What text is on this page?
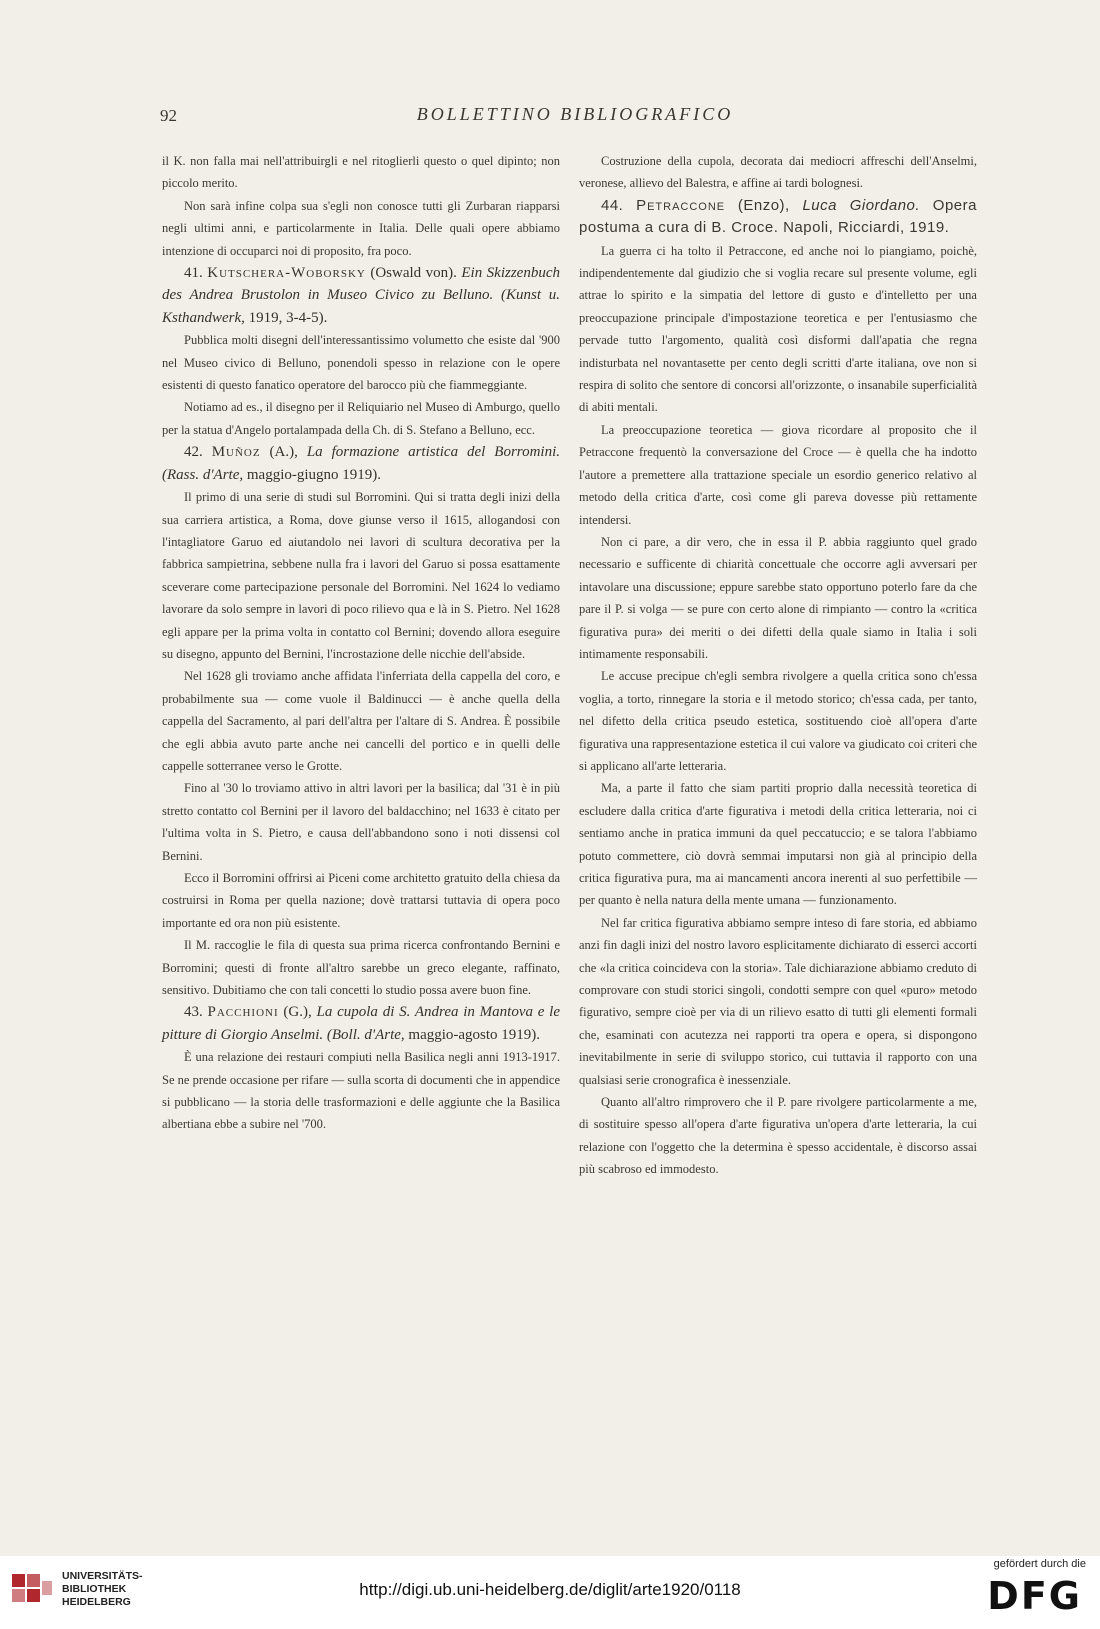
92	BOLLETTINO BIBLIOGRAFICO

il K. non falla mai nell'attribuirgli e nel ritoglierli questo o quel dipinto; non piccolo merito.

Non sarà infine colpa sua s'egli non conosce tutti gli Zurbaran riapparsi negli ultimi anni, e particolarmente in Italia. Delle quali opere abbiamo intenzione di occuparci noi di proposito, fra poco.

41. Kutschera-Woborsky (Oswald von). Ein Skizzenbuch des Andrea Brustolon in Museo Civico zu Belluno. (Kunst u. Ksthandwerk, 1919, 3-4-5).

Pubblica molti disegni dell'interessantissimo volumetto che esiste dal '900 nel Museo civico di Belluno, ponendoli spesso in relazione con le opere esistenti di questo fanatico operatore del barocco più che fiammeggiante.

Notiamo ad es., il disegno per il Reliquiario nel Museo di Amburgo, quello per la statua d'Angelo portalampada della Ch. di S. Stefano a Belluno, ecc.

42. Muñoz (A.), La formazione artistica del Borromini. (Rass. d'Arte, maggio-giugno 1919).

Il primo di una serie di studi sul Borromini. Qui si tratta degli inizi della sua carriera artistica, a Roma, dove giunse verso il 1615, allogandosi con l'intagliatore Garuo ed aiutandolo nei lavori di scultura decorativa per la fabbrica sampietrina, sebbene nulla fra i lavori del Garuo si possa esattamente sceverare come partecipazione personale del Borromini. Nel 1624 lo vediamo lavorare da solo sempre in lavori di poco rilievo qua e là in S. Pietro. Nel 1628 egli appare per la prima volta in contatto col Bernini; dovendo allora eseguire su disegno, appunto del Bernini, l'incrostazione delle nicchie dell'abside.

Nel 1628 gli troviamo anche affidata l'inferriata della cappella del coro, e probabilmente sua — come vuole il Baldinucci — è anche quella della cappella del Sacramento, al pari dell'altra per l'altare di S. Andrea. È possibile che egli abbia avuto parte anche nei cancelli del portico e in quelli delle cappelle sotterranee verso le Grotte.

Fino al '30 lo troviamo attivo in altri lavori per la basilica; dal '31 è in più stretto contatto col Bernini per il lavoro del baldacchino; nel 1633 è citato per l'ultima volta in S. Pietro, e causa dell'abbandono sono i noti dissensi col Bernini.

Ecco il Borromini offrirsi ai Piceni come architetto gratuito della chiesa da costruirsi in Roma per quella nazione; dovè trattarsi tuttavia di opera poco importante ed ora non più esistente.

Il M. raccoglie le fila di questa sua prima ricerca confrontando Bernini e Borromini; questi di fronte all'altro sarebbe un greco elegante, raffinato, sensitivo. Dubitiamo che con tali concetti lo studio possa avere buon fine.

43. Pacchioni (G.), La cupola di S. Andrea in Mantova e le pitture di Giorgio Anselmi. (Boll. d'Arte, maggio-agosto 1919).

È una relazione dei restauri compiuti nella Basilica negli anni 1913-1917. Se ne prende occasione per rifare — sulla scorta di documenti che in appendice si pubblicano — la storia delle trasformazioni e delle aggiunte che la Basilica albertiana ebbe a subire nel '700.

Costruzione della cupola, decorata dai mediocri affreschi dell'Anselmi, veronese, allievo del Balestra, e affine ai tardi bolognesi.

44. Petraccone (Enzo), Luca Giordano. Opera postuma a cura di B. Croce. Napoli, Ricciardi, 1919.

La guerra ci ha tolto il Petraccone, ed anche noi lo piangiamo, poichè, indipendentemente dal giudizio che si voglia recare sul presente volume, egli attrae lo spirito e la simpatia del lettore di gusto e d'intelletto per una preoccupazione principale d'impostazione teoretica e per l'entusiasmo che pervade tutto l'argomento, qualità così disformi dall'apatia che regna indisturbata nel novantasette per cento degli scritti d'arte italiana, ove non si respira di solito che sentore di concorsi all'orizzonte, o insanabile superficialità di abiti mentali.

La preoccupazione teoretica — giova ricordare al proposito che il Petraccone frequentò la conversazione del Croce — è quella che ha indotto l'autore a premettere alla trattazione speciale un esordio generico relativo al metodo della critica d'arte, così come gli pareva dovesse più rettamente intendersi.

Non ci pare, a dir vero, che in essa il P. abbia raggiunto quel grado necessario e sufficente di chiarità concettuale che occorre agli avversari per intavolare una discussione; eppure sarebbe stato opportuno poterlo fare da che pare il P. si volga — se pure con certo alone di rimpianto — contro la «critica figurativa pura» dei meriti o dei difetti della quale siamo in Italia i soli intimamente responsabili.

Le accuse precipue ch'egli sembra rivolgere a quella critica sono ch'essa voglia, a torto, rinnegare la storia e il metodo storico; ch'essa cada, per tanto, nel difetto della critica pseudo estetica, sostituendo cioè all'opera d'arte figurativa una rappresentazione estetica il cui valore va giudicato coi criteri che si applicano all'arte letteraria.

Ma, a parte il fatto che siam partiti proprio dalla necessità teoretica di escludere dalla critica d'arte figurativa i metodi della critica letteraria, noi ci sentiamo anche in pratica immuni da quel peccatuccio; e se talora l'abbiamo potuto commettere, ciò dovrà semmai imputarsi non già al principio della critica figurativa pura, ma ai mancamenti ancora inerenti al suo perfettibile — per quanto è nella natura della mente umana — funzionamento.

Nel far critica figurativa abbiamo sempre inteso di fare storia, ed abbiamo anzi fin dagli inizi del nostro lavoro esplicitamente dichiarato di esserci accorti che «la critica coincideva con la storia». Tale dichiarazione abbiamo creduto di comprovare con studi storici singoli, condotti sempre con quel «puro» metodo figurativo, sempre cioè per via di un rilievo esatto di tutti gli elementi formali che, esaminati con acutezza nei rapporti tra opera e opera, si dispongono inevitabilmente in serie di sviluppo storico, cui tuttavia il rapporto con una qualsiasi serie cronografica è inessenziale.

Quanto all'altro rimprovero che il P. pare rivolgere particolarmente a me, di sostituire spesso all'opera d'arte figurativa un'opera d'arte letteraria, la cui relazione con l'oggetto che la determina è spesso accidentale, è discorso assai più scabroso ed immodesto.

UNIVERSITÄTS-
BIBLIOTHEK
HEIDELBERG
http://digi.ub.uni-heidelberg.de/diglit/arte1920/0118
gefördert durch die
DFG
